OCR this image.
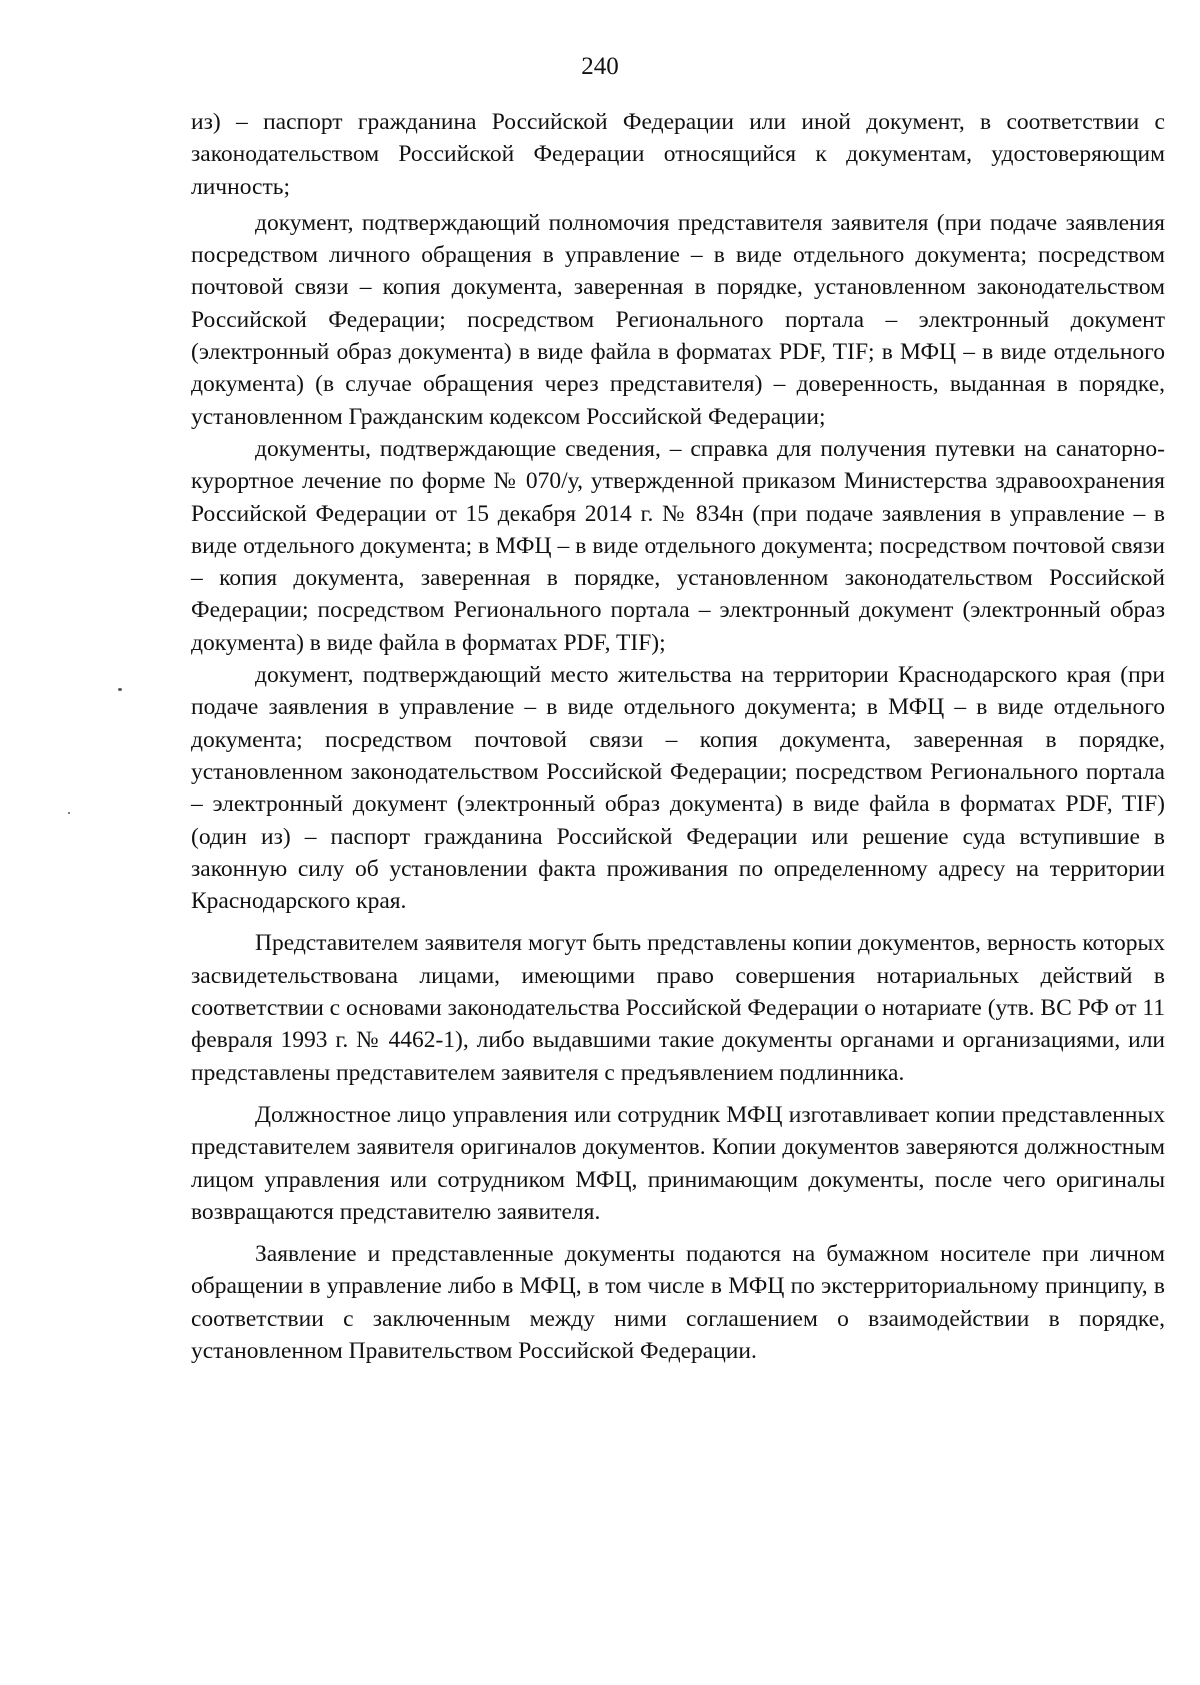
240

из) – паспорт гражданина Российской Федерации или иной документ, в соответствии с законодательством Российской Федерации относящийся к документам, удостоверяющим личность;

документ, подтверждающий полномочия представителя заявителя (при подаче заявления посредством личного обращения в управление – в виде отдельного документа; посредством почтовой связи – копия документа, заверенная в порядке, установленном законодательством Российской Федерации; посредством Регионального портала – электронный документ (электронный образ документа) в виде файла в форматах PDF, TIF; в МФЦ – в виде отдельного документа) (в случае обращения через представителя) – доверенность, выданная в порядке, установленном Гражданским кодексом Российской Федерации;

документы, подтверждающие сведения, – справка для получения путевки на санаторно-курортное лечение по форме № 070/у, утвержденной приказом Министерства здравоохранения Российской Федерации от 15 декабря 2014 г. № 834н (при подаче заявления в управление – в виде отдельного документа; в МФЦ – в виде отдельного документа; посредством почтовой связи – копия документа, заверенная в порядке, установленном законодательством Российской Федерации; посредством Регионального портала – электронный документ (электронный образ документа) в виде файла в форматах PDF, TIF);

документ, подтверждающий место жительства на территории Краснодарского края (при подаче заявления в управление – в виде отдельного документа; в МФЦ – в виде отдельного документа; посредством почтовой связи – копия документа, заверенная в порядке, установленном законодательством Российской Федерации; посредством Регионального портала – электронный документ (электронный образ документа) в виде файла в форматах PDF, TIF) (один из) – паспорт гражданина Российской Федерации или решение суда вступившие в законную силу об установлении факта проживания по определенному адресу на территории Краснодарского края.

Представителем заявителя могут быть представлены копии документов, верность которых засвидетельствована лицами, имеющими право совершения нотариальных действий в соответствии с основами законодательства Российской Федерации о нотариате (утв. ВС РФ от 11 февраля 1993 г. № 4462-1), либо выдавшими такие документы органами и организациями, или представлены представителем заявителя с предъявлением подлинника.

Должностное лицо управления или сотрудник МФЦ изготавливает копии представленных представителем заявителя оригиналов документов. Копии документов заверяются должностным лицом управления или сотрудником МФЦ, принимающим документы, после чего оригиналы возвращаются представителю заявителя.

Заявление и представленные документы подаются на бумажном носителе при личном обращении в управление либо в МФЦ, в том числе в МФЦ по экстерриториальному принципу, в соответствии с заключенным между ними соглашением о взаимодействии в порядке, установленном Правительством Российской Федерации.
